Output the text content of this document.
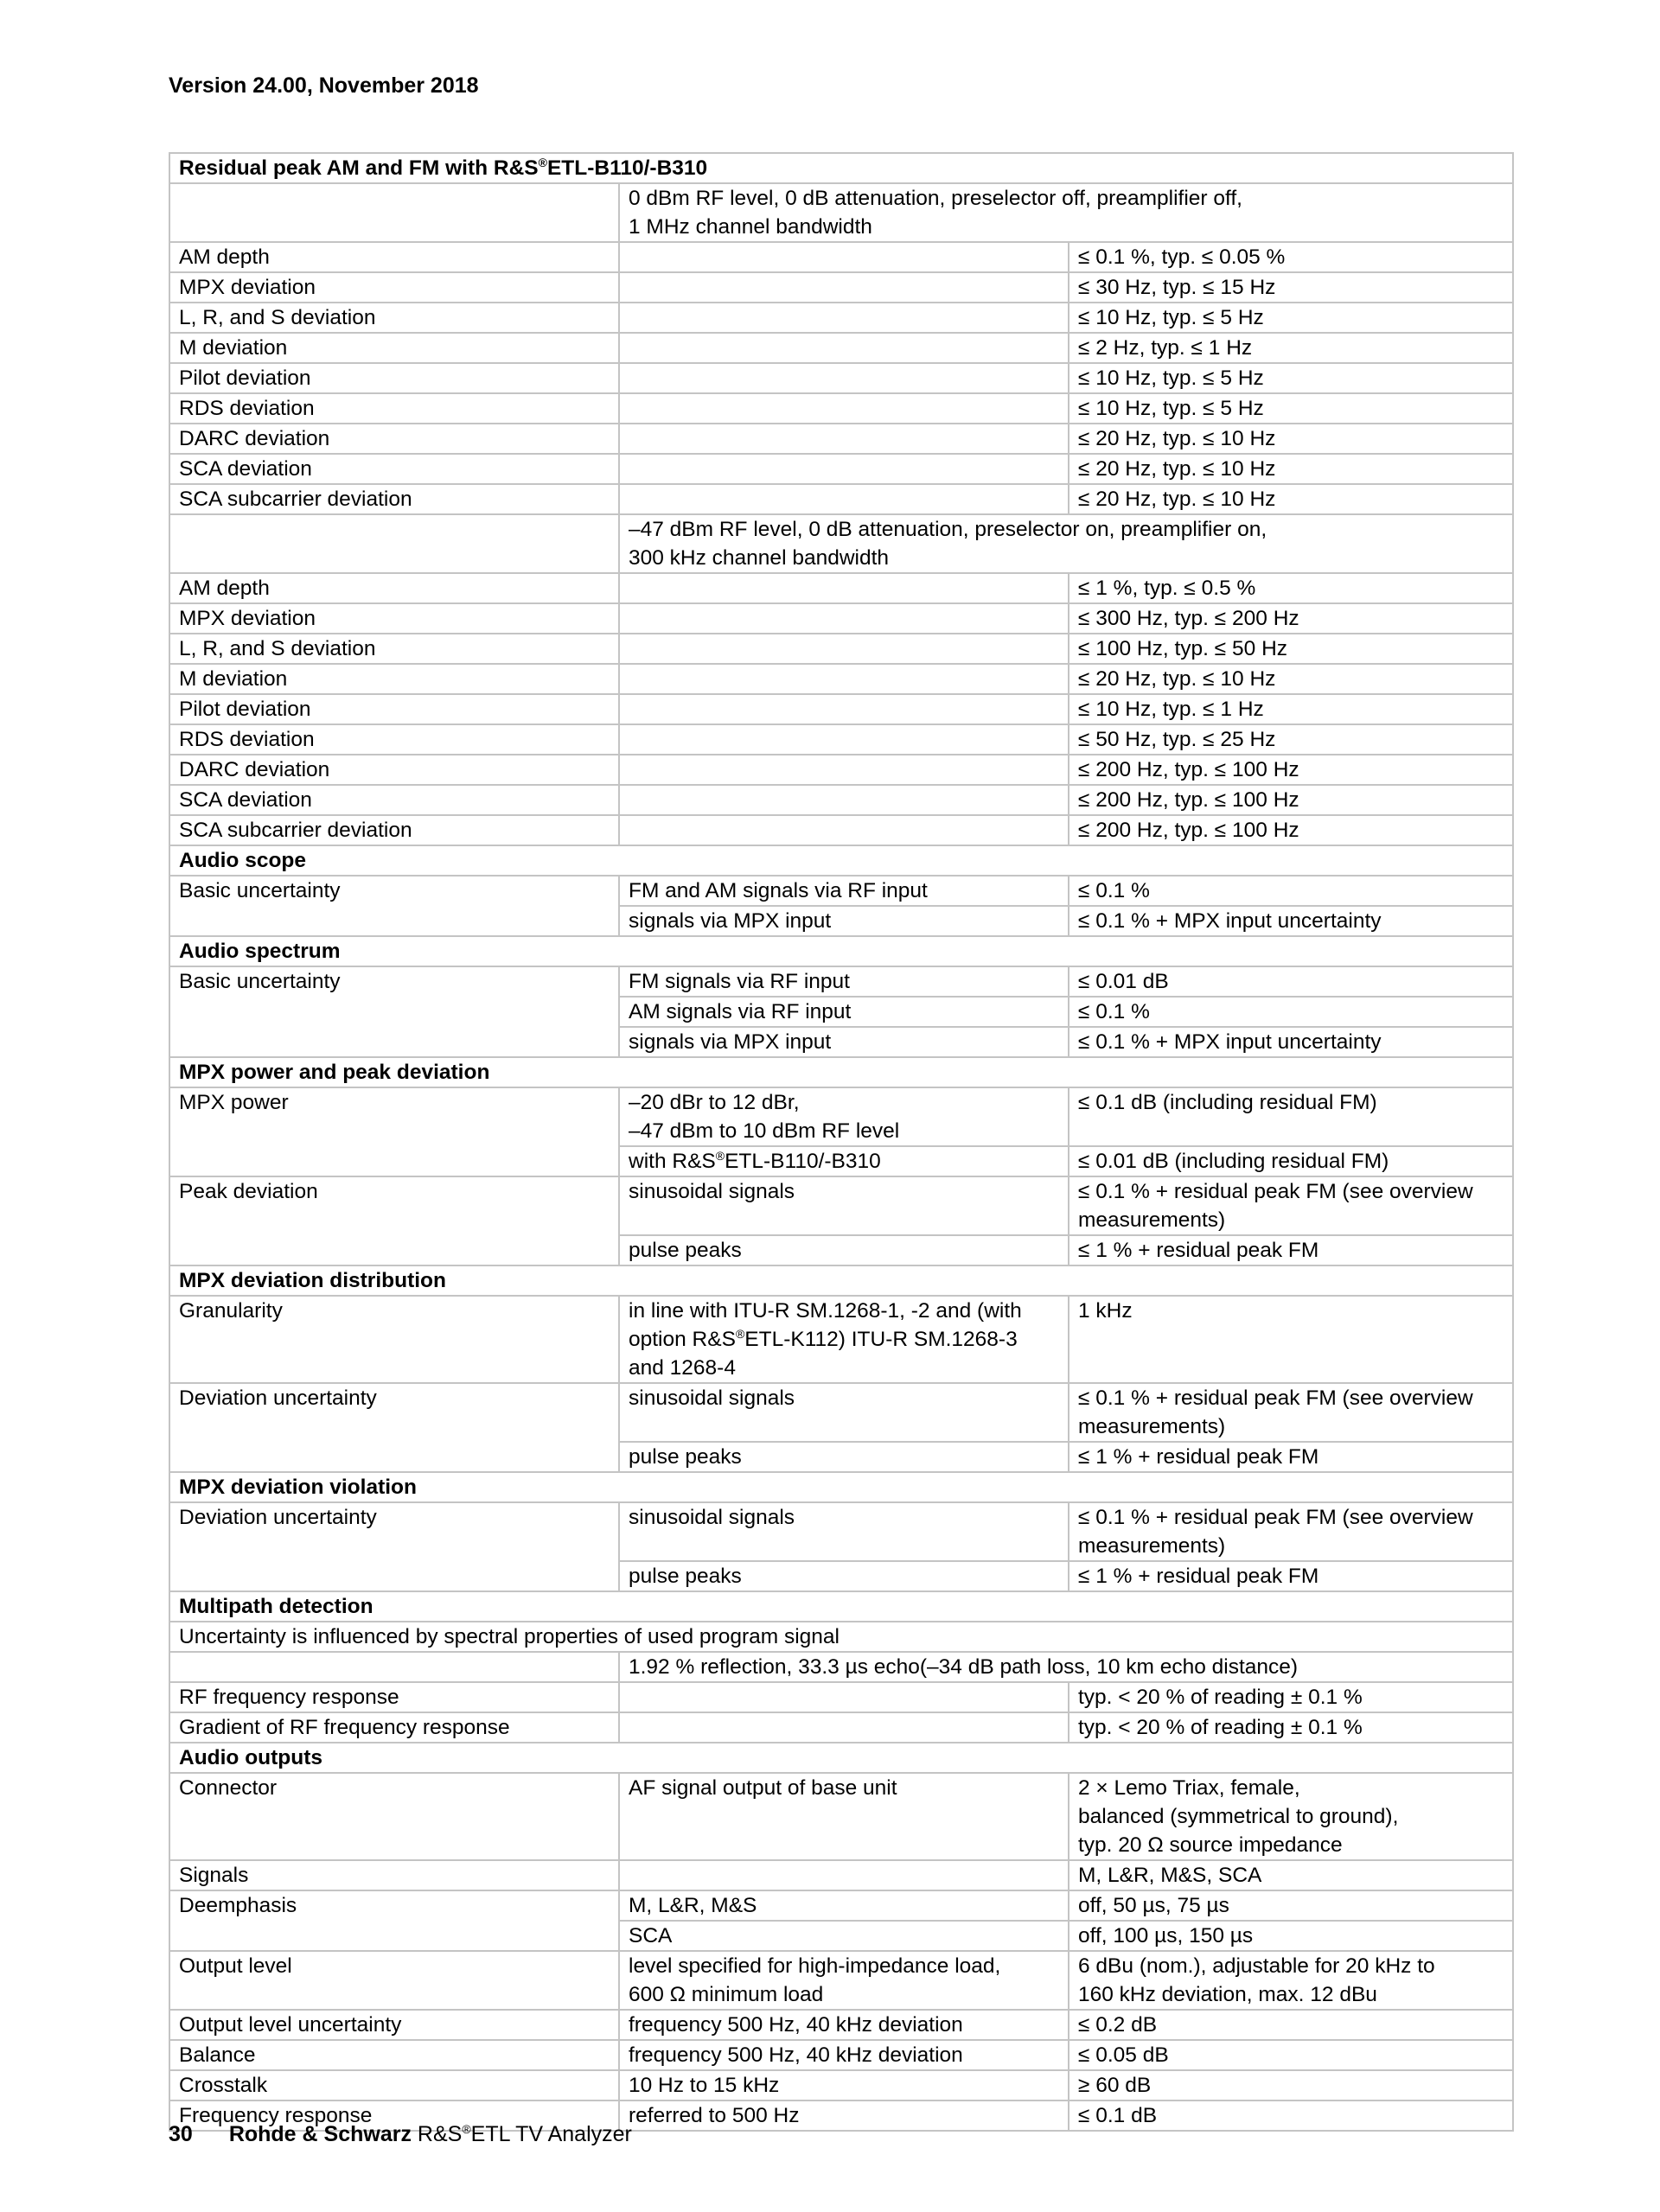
Version 24.00, November 2018
Residual peak AM and FM with R&S®ETL-B110/-B310		
	0 dBm RF level, 0 dB attenuation, preselector off, preamplifier off,
1 MHz channel bandwidth	
AM depth		≤ 0.1 %, typ. ≤ 0.05 %
MPX deviation		≤ 30 Hz, typ. ≤ 15 Hz
L, R, and S deviation		≤ 10 Hz, typ. ≤ 5 Hz
M deviation		≤ 2 Hz, typ. ≤ 1 Hz
Pilot deviation		≤ 10 Hz, typ. ≤ 5 Hz
RDS deviation		≤ 10 Hz, typ. ≤ 5 Hz
DARC deviation		≤ 20 Hz, typ. ≤ 10 Hz
SCA deviation		≤ 20 Hz, typ. ≤ 10 Hz
SCA subcarrier deviation		≤ 20 Hz, typ. ≤ 10 Hz
	–47 dBm RF level, 0 dB attenuation, preselector on, preamplifier on,
300 kHz channel bandwidth	
AM depth		≤ 1 %, typ. ≤ 0.5 %
MPX deviation		≤ 300 Hz, typ. ≤ 200 Hz
L, R, and S deviation		≤ 100 Hz, typ. ≤ 50 Hz
M deviation		≤ 20 Hz, typ. ≤ 10 Hz
Pilot deviation		≤ 10 Hz, typ. ≤ 1 Hz
RDS deviation		≤ 50 Hz, typ. ≤ 25 Hz
DARC deviation		≤ 200 Hz, typ. ≤ 100 Hz
SCA deviation		≤ 200 Hz, typ. ≤ 100 Hz
SCA subcarrier deviation		≤ 200 Hz, typ. ≤ 100 Hz
Audio scope		
Basic uncertainty	FM and AM signals via RF input	≤ 0.1 %
	signals via MPX input	≤ 0.1 % + MPX input uncertainty
Audio spectrum		
Basic uncertainty	FM signals via RF input	≤ 0.01 dB
	AM signals via RF input	≤ 0.1 %
	signals via MPX input	≤ 0.1 % + MPX input uncertainty
MPX power and peak deviation		
MPX power	–20 dBr to 12 dBr,
–47 dBm to 10 dBm RF level	≤ 0.1 dB (including residual FM)
	with R&S®ETL-B110/-B310	≤ 0.01 dB (including residual FM)
Peak deviation	sinusoidal signals	≤ 0.1 % + residual peak FM (see overview
measurements)
	pulse peaks	≤ 1 % + residual peak FM
MPX deviation distribution		
Granularity	in line with ITU-R SM.1268-1, -2 and (with
option R&S®ETL-K112) ITU-R SM.1268-3
and 1268-4	1 kHz
Deviation uncertainty	sinusoidal signals	≤ 0.1 % + residual peak FM (see overview
measurements)
	pulse peaks	≤ 1 % + residual peak FM
MPX deviation violation		
Deviation uncertainty	sinusoidal signals	≤ 0.1 % + residual peak FM (see overview
measurements)
	pulse peaks	≤ 1 % + residual peak FM
Multipath detection		
Uncertainty is influenced by spectral properties of used program signal		
	1.92 % reflection, 33.3 µs echo(–34 dB path loss, 10 km echo distance)	
RF frequency response		typ. < 20 % of reading ± 0.1 %
Gradient of RF frequency response		typ. < 20 % of reading ± 0.1 %
Audio outputs		
Connector	AF signal output of base unit	2 × Lemo Triax, female,
balanced (symmetrical to ground),
typ. 20 Ω source impedance
Signals		M, L&R, M&S, SCA
Deemphasis	M, L&R, M&S	off, 50 µs, 75 µs
	SCA	off, 100 µs, 150 µs
Output level	level specified for high-impedance load,
600 Ω minimum load	6 dBu (nom.), adjustable for 20 kHz to
160 kHz deviation, max. 12 dBu
Output level uncertainty	frequency 500 Hz, 40 kHz deviation	≤ 0.2 dB
Balance	frequency 500 Hz, 40 kHz deviation	≤ 0.05 dB
Crosstalk	10 Hz to 15 kHz	≥ 60 dB
Frequency response	referred to 500 Hz	≤ 0.1 dB
30 Rohde & Schwarz R&S®ETL TV Analyzer
